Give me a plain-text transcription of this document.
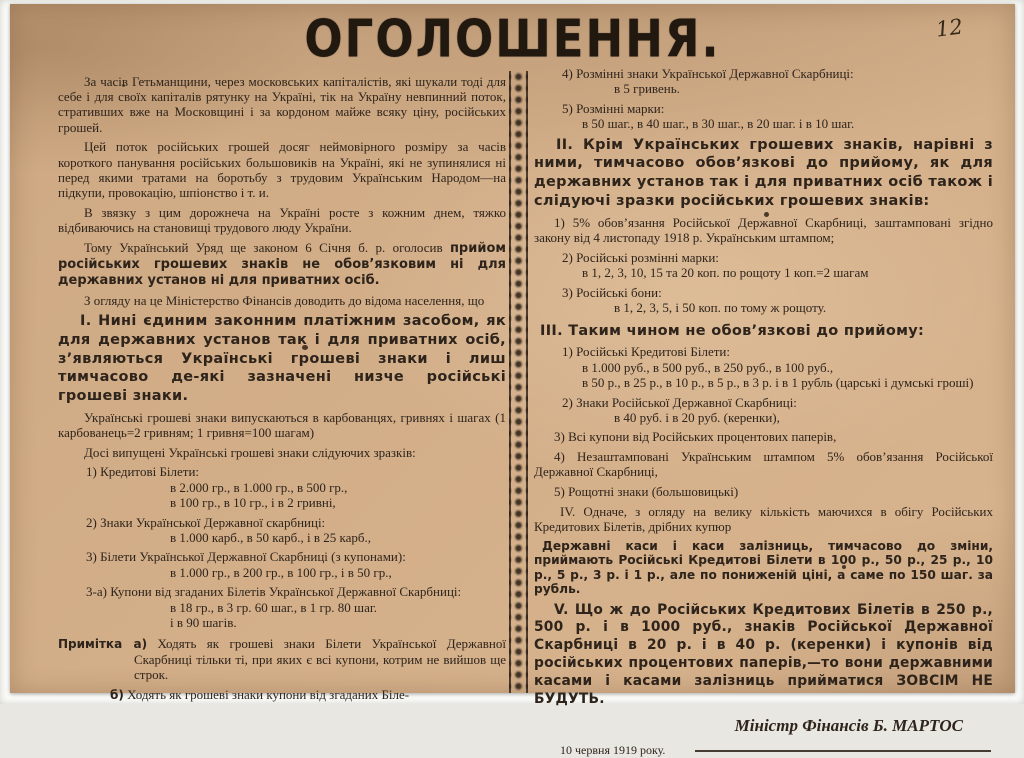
ОГОЛОШЕННЯ.	12
За часів Гетьманщини, через московських капіталістів, які шукали тоді для себе і для своїх капіталів рятунку на Україні, тік на Україну невпинний поток, стративших вже на Московщині і за кордоном майже всяку ціну, російських грошей.
Цей поток російських грошей досяг неймовірного розміру за часів короткого панування російських большовиків на Україні, які не зупинялися ні перед якими тратами на боротьбу з трудовим Українським Народом—на підкупи, провокацію, шпіонство і т. и.
В звязку з цим дорожнеча на Україні росте з кожним днем, тяжко відбиваючись на становищі трудового люду України.
Тому Український Уряд ще законом 6 Січня б. р. оголосив прийом російських грошевих знаків не обов’язковим ні для державних установ ні для приватних осіб.
З огляду на це Міністерство Фінансів доводить до відома населення, що
І. Нині єдиним законним платіжним засобом, як для державних установ так і для приватних осіб, з’являються Українські грошеві знаки і лиш тимчасово де-які зазначені низче російські грошеві знаки.
Українські грошеві знаки випускаються в карбованцях, гривнях і шагах (1 карбованець=2 гривням; 1 гривня=100 шагам)
Досі випущені Українські грошеві знаки слідуючих зразків:
1) Кредитові Білети:
в 2.000 гр., в 1.000 гр., в 500 гр.,
в 100 гр., в 10 гр., і в 2 гривні,
2) Знаки Української Державної скарбниці:
в 1.000 карб., в 50 карб., і в 25 карб.,
3) Білети Української Державної Скарбниці (з купонами):
в 1.000 гр., в 200 гр., в 100 гр., і в 50 гр.,
3-а) Купони від згаданих Білетів Української Державної Скарбниці:
в 18 гр., в 3 гр. 60 шаг., в 1 гр. 80 шаг.
і в 90 шагів.
Примітка а) Ходять як грошеві знаки Білети Української Державної Скарбниці тільки ті, при яких є всі купони, котрим не вийшов ще строк.
б) Ходять як грошеві знаки купони від згаданих Біле-
4) Розмінні знаки Української Державної Скарбниці:
в 5 гривень.
5) Розмінні марки:
в 50 шаг., в 40 шаг., в 30 шаг., в 20 шаг. і в 10 шаг.
ІІ. Крім Українських грошевих знаків, нарівні з ними, тимчасово обов’язкові до прийому, як для державних установ так і для приватних осіб також і слідуючі зразки російських грошевих знаків:
1) 5% обов’язання Російської Державної Скарбниці, заштамповані згідно закону від 4 листопаду 1918 р. Українським штампом;
2) Російські розмінні марки:
в 1, 2, 3, 10, 15 та 20 коп. по рощоту 1 коп.=2 шагам
3) Російські бони:
в 1, 2, 3, 5, і 50 коп. по тому ж рощоту.
ІІІ. Таким чином не обов’язкові до прийому:
1) Російські Кредитові Білети:
в 1.000 руб., в 500 руб., в 250 руб., в 100 руб.,
в 50 р., в 25 р., в 10 р., в 5 р., в 3 р. і в 1 рубль (царські і думські гроші)
2) Знаки Російської Державної Скарбниці:
в 40 руб. і в 20 руб. (керенки),
3) Всі купони від Російських процентових паперів,
4) Незаштамповані Українським штампом 5% обов’язання Російської Державної Скарбниці,
5) Рощотні знаки (большовицькі)
ІV. Одначе, з огляду на велику кількість маючихся в обігу Російських Кредитових Білетів, дрібних купюр
Державні каси і каси залізниць, тимчасово до зміни, приймають Російські Кредитові Білети в 100 р., 50 р., 25 р., 10 р., 5 р., 3 р. і 1 р., але по пониженій ціні, а саме по 150 шаг. за рубль.
V. Що ж до Російських Кредитових Білетів в 250 р., 500 р. і в 1000 руб., знаків Російської Державної Скарбниці в 20 р. і в 40 р. (керенки) і купонів від російських процентових паперів,—то вони державними касами і касами залізниць прийматися ЗОВСІМ НЕ БУДУТЬ.
Міністр Фінансів Б. МАРТОС
10 червня 1919 року.
